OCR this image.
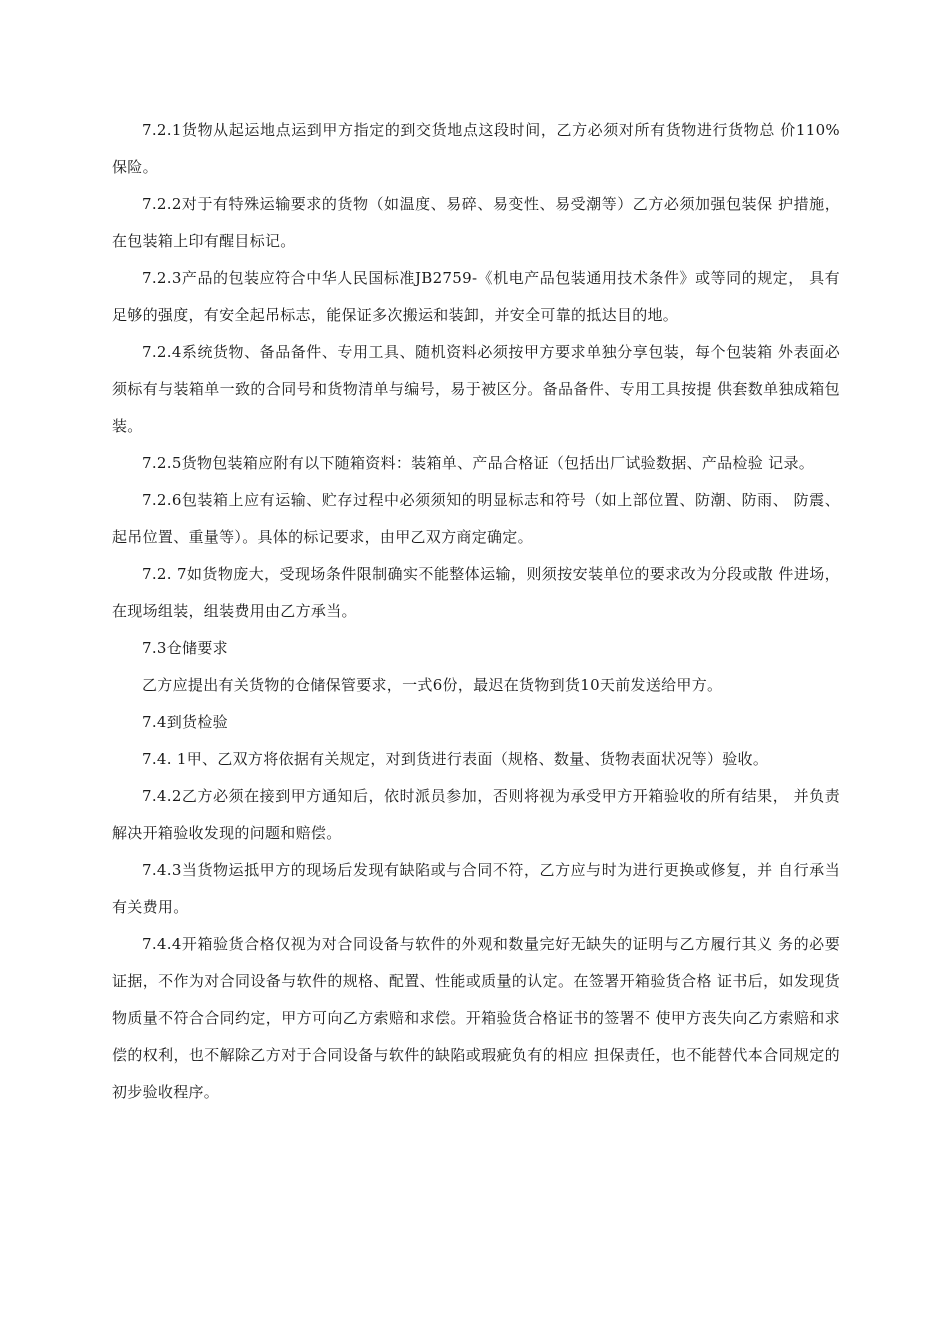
7.2.1货物从起运地点运到甲方指定的到交货地点这段时间，乙方必须对所有货物进行货物总 价110%保险。

7.2.2对于有特殊运输要求的货物（如温度、易碎、易变性、易受潮等）乙方必须加强包装保 护措施，在包装箱上印有醒目标记。

7.2.3产品的包装应符合中华人民国标准JB2759-《机电产品包装通用技术条件》或等同的规定， 具有足够的强度，有安全起吊标志，能保证多次搬运和装卸，并安全可靠的抵达目的地。

7.2.4系统货物、备品备件、专用工具、随机资料必须按甲方要求单独分享包装，每个包装箱 外表面必须标有与装箱单一致的合同号和货物清单与编号，易于被区分。备品备件、专用工具按提 供套数单独成箱包装。

7.2.5货物包装箱应附有以下随箱资料：装箱单、产品合格证（包括出厂试验数据、产品检验 记录。

7.2.6包装箱上应有运输、贮存过程中必须须知的明显标志和符号（如上部位置、防潮、防雨、 防震、起吊位置、重量等）。具体的标记要求，由甲乙双方商定确定。

7.2. 7如货物庞大，受现场条件限制确实不能整体运输，则须按安装单位的要求改为分段或散 件进场，在现场组装，组装费用由乙方承当。

7.3仓储要求

乙方应提出有关货物的仓储保管要求，一式6份，最迟在货物到货10天前发送给甲方。

7.4到货检验

7.4. 1甲、乙双方将依据有关规定，对到货进行表面（规格、数量、货物表面状况等）验收。

7.4.2乙方必须在接到甲方通知后，依时派员参加，否则将视为承受甲方开箱验收的所有结果， 并负责解决开箱验收发现的问题和赔偿。

7.4.3当货物运抵甲方的现场后发现有缺陷或与合同不符，乙方应与时为进行更换或修复，并 自行承当有关费用。

7.4.4开箱验货合格仅视为对合同设备与软件的外观和数量完好无缺失的证明与乙方履行其义 务的必要证据，不作为对合同设备与软件的规格、配置、性能或质量的认定。在签署开箱验货合格 证书后，如发现货物质量不符合合同约定，甲方可向乙方索赔和求偿。开箱验货合格证书的签署不 使甲方丧失向乙方索赔和求偿的权利，也不解除乙方对于合同设备与软件的缺陷或瑕疵负有的相应 担保责任，也不能替代本合同规定的初步验收程序。
